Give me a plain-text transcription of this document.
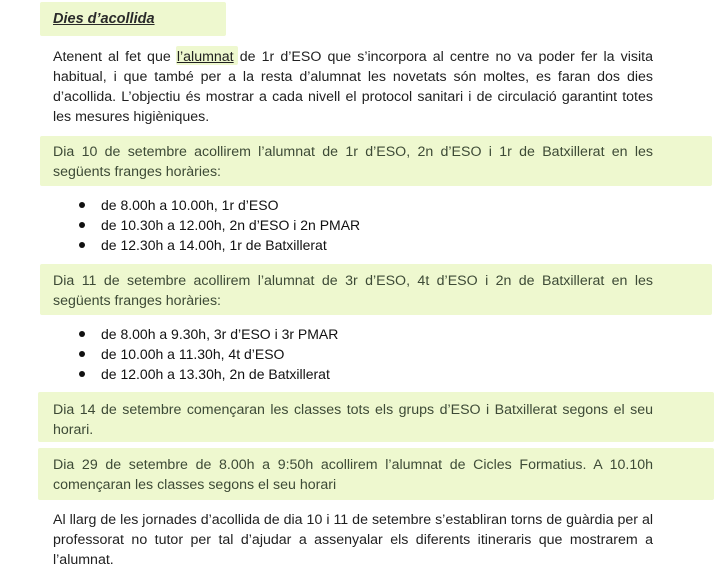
Dies d’acollida
Atenent al fet que l’alumnat de 1r d’ESO que s’incorpora al centre no va poder fer la visita habitual, i que també per a la resta d’alumnat les novetats són moltes, es faran dos dies d’acollida. L’objectiu és mostrar a cada nivell el protocol sanitari i de circulació garantint totes les mesures higièniques.
Dia 10 de setembre acollirem l’alumnat de 1r d’ESO, 2n d’ESO i 1r de Batxillerat en les següents franges horàries:
de 8.00h a 10.00h, 1r d’ESO
de 10.30h a 12.00h, 2n d’ESO i 2n PMAR
de 12.30h a 14.00h, 1r de Batxillerat
Dia 11 de setembre acollirem l’alumnat de 3r d’ESO, 4t d’ESO i 2n de Batxillerat en les següents franges horàries:
de 8.00h a 9.30h, 3r d’ESO i 3r PMAR
de 10.00h a 11.30h, 4t d’ESO
de 12.00h a 13.30h, 2n de Batxillerat
Dia 14 de setembre començaran les classes tots els grups d’ESO i Batxillerat segons el seu horari.
Dia 29 de setembre de 8.00h a 9:50h acollirem l’alumnat de Cicles Formatius. A 10.10h començaran les classes segons el seu horari
Al llarg de les jornades d’acollida de dia 10 i 11 de setembre s’establiran torns de guàrdia per al professorat no tutor per tal d’ajudar a assenyalar els diferents itineraris que mostrarem a l’alumnat.
